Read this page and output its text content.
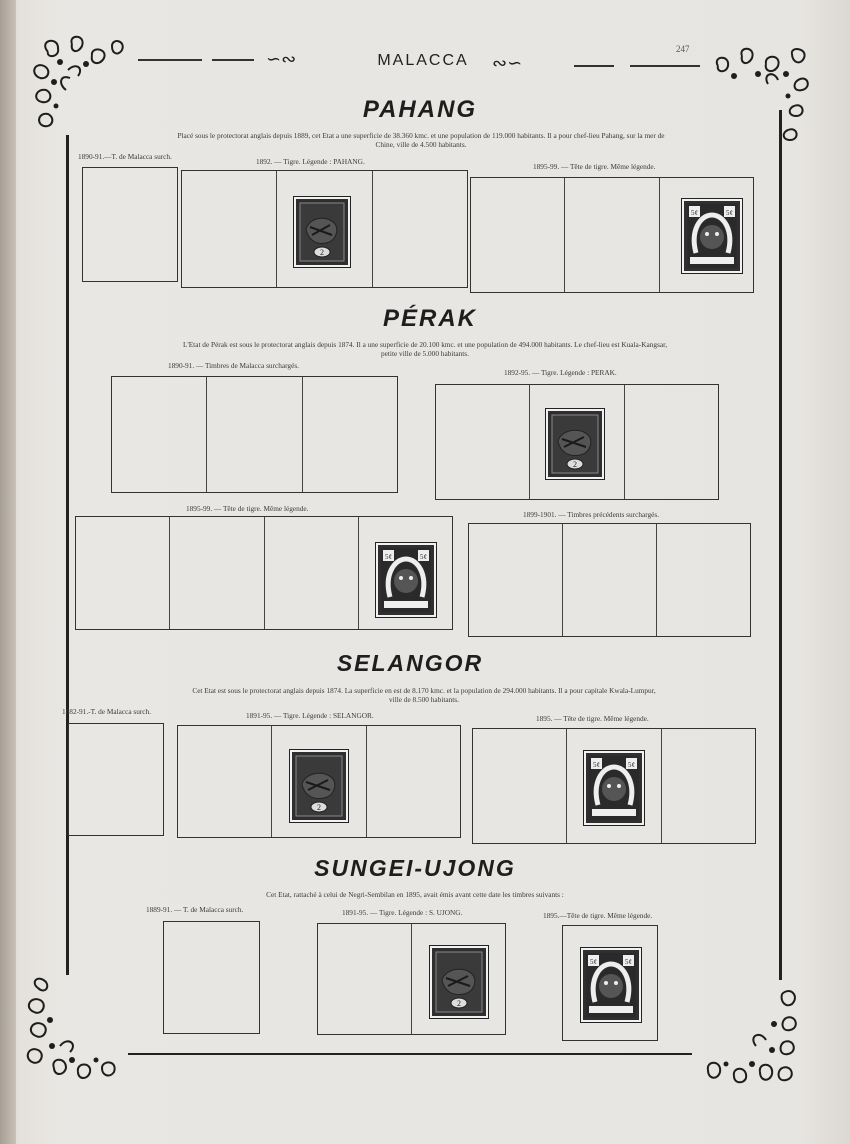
∽∾	MALACCA	∾∽
247
PAHANG
Placé sous le protectorat anglais depuis 1889, cet Etat a une superficie de 38.360 kmc. et une population de 119.000 habitants. Il a pour chef-lieu Pahang, sur la mer de
Chine, ville de 4.500 habitants.
1890-91.—T. de Malacca surch.
1892. — Tigre. Légende : PAHANG.
1895-99. — Tête de tigre. Même légende.
2
5¢	5¢
PÉRAK
L'Etat de Pérak est sous le protectorat anglais depuis 1874. Il a une superficie de 20.100 kmc. et une population de 494.000 habitants. Le chef-lieu est Kuala-Kangsar,
petite ville de 5.000 habitants.
1890-91. — Timbres de Malacca surchargés.
1892-95. — Tigre. Légende : PERAK.
2
1895-99. — Tête de tigre. Même légende.
1899-1901. — Timbres précédents surchargés.
5¢	5¢
SELANGOR
Cet Etat est sous le protectorat anglais depuis 1874. La superficie en est de 8.170 kmc. et la population de 294.000 habitants. Il a pour capitale Kwala-Lumpur,
ville de 8.500 habitants.
1882-91.-T. de Malacca surch.	1891-95. — Tigre. Légende : SELANGOR.	1895. — Tête de tigre. Même légende.
2
5¢	5¢
SUNGEI-UJONG
Cet Etat, rattaché à celui de Negri-Sembilan en 1895, avait émis avant cette date les timbres suivants :
1889-91. — T. de Malacca surch.	1891-95. — Tigre. Légende : S. UJONG.	1895.—Tête de tigre. Même légende.
2
5¢	5¢
